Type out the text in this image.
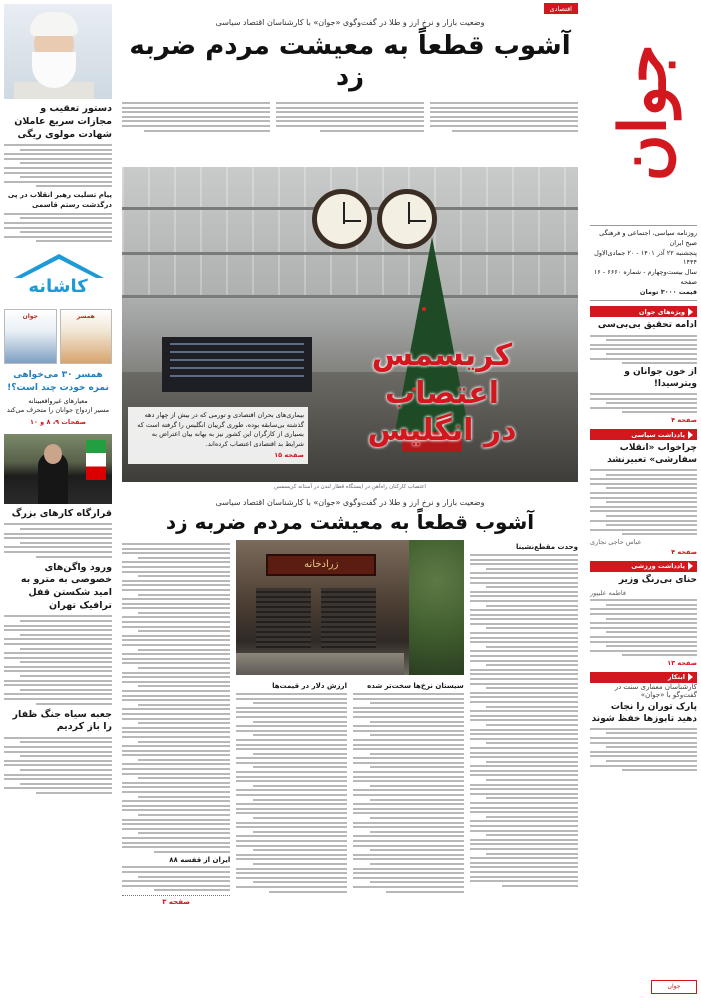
جوان
روزنامه سیاسی، اجتماعی و فرهنگی صبح ایران
پنجشنبه ۲۲ آذر ۱۴۰۱ - ۲۰ جمادی‌الاول ۱۴۴۴
سال بیست‌وچهارم - شماره ۶۶۶۰ - ۱۶ صفحه
قیمت ۳۰۰۰ تومان
ویژه‌های جوان
ادامه تحقیق بی‌بی‌سی
از خون جوانان و ویترسیدا!
صفحه ۴
یادداشت سیاسی
چراخواب «انقلاب سفارشی» تعبیرنشد
عباس حاجی نجاری
صفحه ۴
یادداشت ورزشی
حنای بی‌رنگ وزیر
فاطمه علیپور
صفحه ۱۳
ابتکار
کارشناسان معماری سنت در گفت‌وگو با «جوان»
پارک توران را نجات دهید تابوزها خفظ شوند
جوان
اقتصادی
وضعیت بازار و نرخ ارز و طلا در گفت‌وگوی «جوان» با کارشناسان اقتصاد سیاسی
آشوب قطعاً به معیشت مردم ضربه زد
کریسمس اعتصاب
در انگلیس
بیماری‌های بحران اقتصادی و تورمی که در بیش از چهار دهه گذشته بی‌سابقه بوده، طوری گریبان انگلیس را گرفته است که بسیاری از کارگران این کشور نیز به بهانه بیان اعتراض به شرایط بد اقتصادی اعتصاب کرده‌اند.
صفحه ۱۵
اعتصاب کارکنان راه‌آهن در ایستگاه قطار لندن در آستانه کریسمس
وضعیت بازار و نرخ ارز و طلا در گفت‌وگوی «جوان» با کارشناسان اقتصاد سیاسی
آشوب قطعاً به معیشت مردم ضربه زد
وحدت مقطع‌نشینا
زرا‌دخانه
سیستان نرخ‌ها سخت‌تر شده
ارزش دلار در قیمت‌ها
ایران از قفسه ۸۸
صفحه ۳
دستور تعقیب و مجازات سریع عاملان شهادت مولوی ریگی
پیام تسلیت رهبر انقلاب در پی درگذشت رستم قاسمی
کاشانه
همسر
جوان
همسر ۳۰ می‌خواهی نمره خودت چند است؟!
معیارهای غیرواقعبینانه
مسیر ازدواج جوانان را متحرف می‌کند
صفحات ۹، ۸ و ۱۰
قرارگاه کارهای بزرگ
ورود واگن‌های خصوصی به مترو به امید شکستن قفل ترافیک تهران
جعبه سیاه جنگ ظفار را باز کردیم
